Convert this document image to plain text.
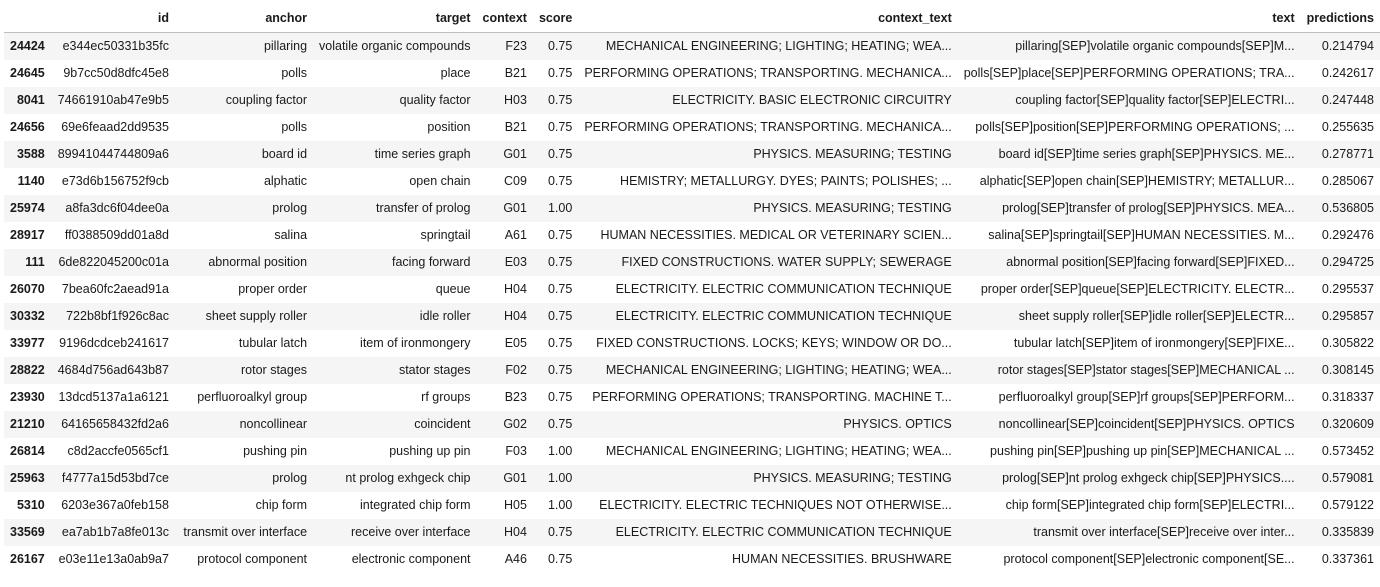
	id	anchor	target	context	score	context_text	text	predictions
24424	e344ec50331b35fc	pillaring	volatile organic compounds	F23	0.75	MECHANICAL ENGINEERING; LIGHTING; HEATING; WEA...	pillaring[SEP]volatile organic compounds[SEP]M...	0.214794
24645	9b7cc50d8dfc45e8	polls	place	B21	0.75	PERFORMING OPERATIONS; TRANSPORTING. MECHANICA...	polls[SEP]place[SEP]PERFORMING OPERATIONS; TRA...	0.242617
8041	74661910ab47e9b5	coupling factor	quality factor	H03	0.75	ELECTRICITY. BASIC ELECTRONIC CIRCUITRY	coupling factor[SEP]quality factor[SEP]ELECTRI...	0.247448
24656	69e6feaad2dd9535	polls	position	B21	0.75	PERFORMING OPERATIONS; TRANSPORTING. MECHANICA...	polls[SEP]position[SEP]PERFORMING OPERATIONS; ...	0.255635
3588	89941044744809a6	board id	time series graph	G01	0.75	PHYSICS. MEASURING; TESTING	board id[SEP]time series graph[SEP]PHYSICS. ME...	0.278771
1140	e73d6b156752f9cb	alphatic	open chain	C09	0.75	HEMISTRY; METALLURGY. DYES; PAINTS; POLISHES; ...	alphatic[SEP]open chain[SEP]HEMISTRY; METALLUR...	0.285067
25974	a8fa3dc6f04dee0a	prolog	transfer of prolog	G01	1.00	PHYSICS. MEASURING; TESTING	prolog[SEP]transfer of prolog[SEP]PHYSICS. MEA...	0.536805
28917	ff0388509dd01a8d	salina	springtail	A61	0.75	HUMAN NECESSITIES. MEDICAL OR VETERINARY SCIEN...	salina[SEP]springtail[SEP]HUMAN NECESSITIES. M...	0.292476
111	6de822045200c01a	abnormal position	facing forward	E03	0.75	FIXED CONSTRUCTIONS. WATER SUPPLY; SEWERAGE	abnormal position[SEP]facing forward[SEP]FIXED...	0.294725
26070	7bea60fc2aead91a	proper order	queue	H04	0.75	ELECTRICITY. ELECTRIC COMMUNICATION TECHNIQUE	proper order[SEP]queue[SEP]ELECTRICITY. ELECTR...	0.295537
30332	722b8bf1f926c8ac	sheet supply roller	idle roller	H04	0.75	ELECTRICITY. ELECTRIC COMMUNICATION TECHNIQUE	sheet supply roller[SEP]idle roller[SEP]ELECTR...	0.295857
33977	9196dcdceb241617	tubular latch	item of ironmongery	E05	0.75	FIXED CONSTRUCTIONS. LOCKS; KEYS; WINDOW OR DO...	tubular latch[SEP]item of ironmongery[SEP]FIXE...	0.305822
28822	4684d756ad643b87	rotor stages	stator stages	F02	0.75	MECHANICAL ENGINEERING; LIGHTING; HEATING; WEA...	rotor stages[SEP]stator stages[SEP]MECHANICAL ...	0.308145
23930	13dcd5137a1a6121	perfluoroalkyl group	rf groups	B23	0.75	PERFORMING OPERATIONS; TRANSPORTING. MACHINE T...	perfluoroalkyl group[SEP]rf groups[SEP]PERFORM...	0.318337
21210	64165658432fd2a6	noncollinear	coincident	G02	0.75	PHYSICS. OPTICS	noncollinear[SEP]coincident[SEP]PHYSICS. OPTICS	0.320609
26814	c8d2accfe0565cf1	pushing pin	pushing up pin	F03	1.00	MECHANICAL ENGINEERING; LIGHTING; HEATING; WEA...	pushing pin[SEP]pushing up pin[SEP]MECHANICAL ...	0.573452
25963	f4777a15d53bd7ce	prolog	nt prolog exhgeck chip	G01	1.00	PHYSICS. MEASURING; TESTING	prolog[SEP]nt prolog exhgeck chip[SEP]PHYSICS....	0.579081
5310	6203e367a0feb158	chip form	integrated chip form	H05	1.00	ELECTRICITY. ELECTRIC TECHNIQUES NOT OTHERWISE...	chip form[SEP]integrated chip form[SEP]ELECTRI...	0.579122
33569	ea7ab1b7a8fe013c	transmit over interface	receive over interface	H04	0.75	ELECTRICITY. ELECTRIC COMMUNICATION TECHNIQUE	transmit over interface[SEP]receive over inter...	0.335839
26167	e03e11e13a0ab9a7	protocol component	electronic component	A46	0.75	HUMAN NECESSITIES. BRUSHWARE	protocol component[SEP]electronic component[SE...	0.337361
